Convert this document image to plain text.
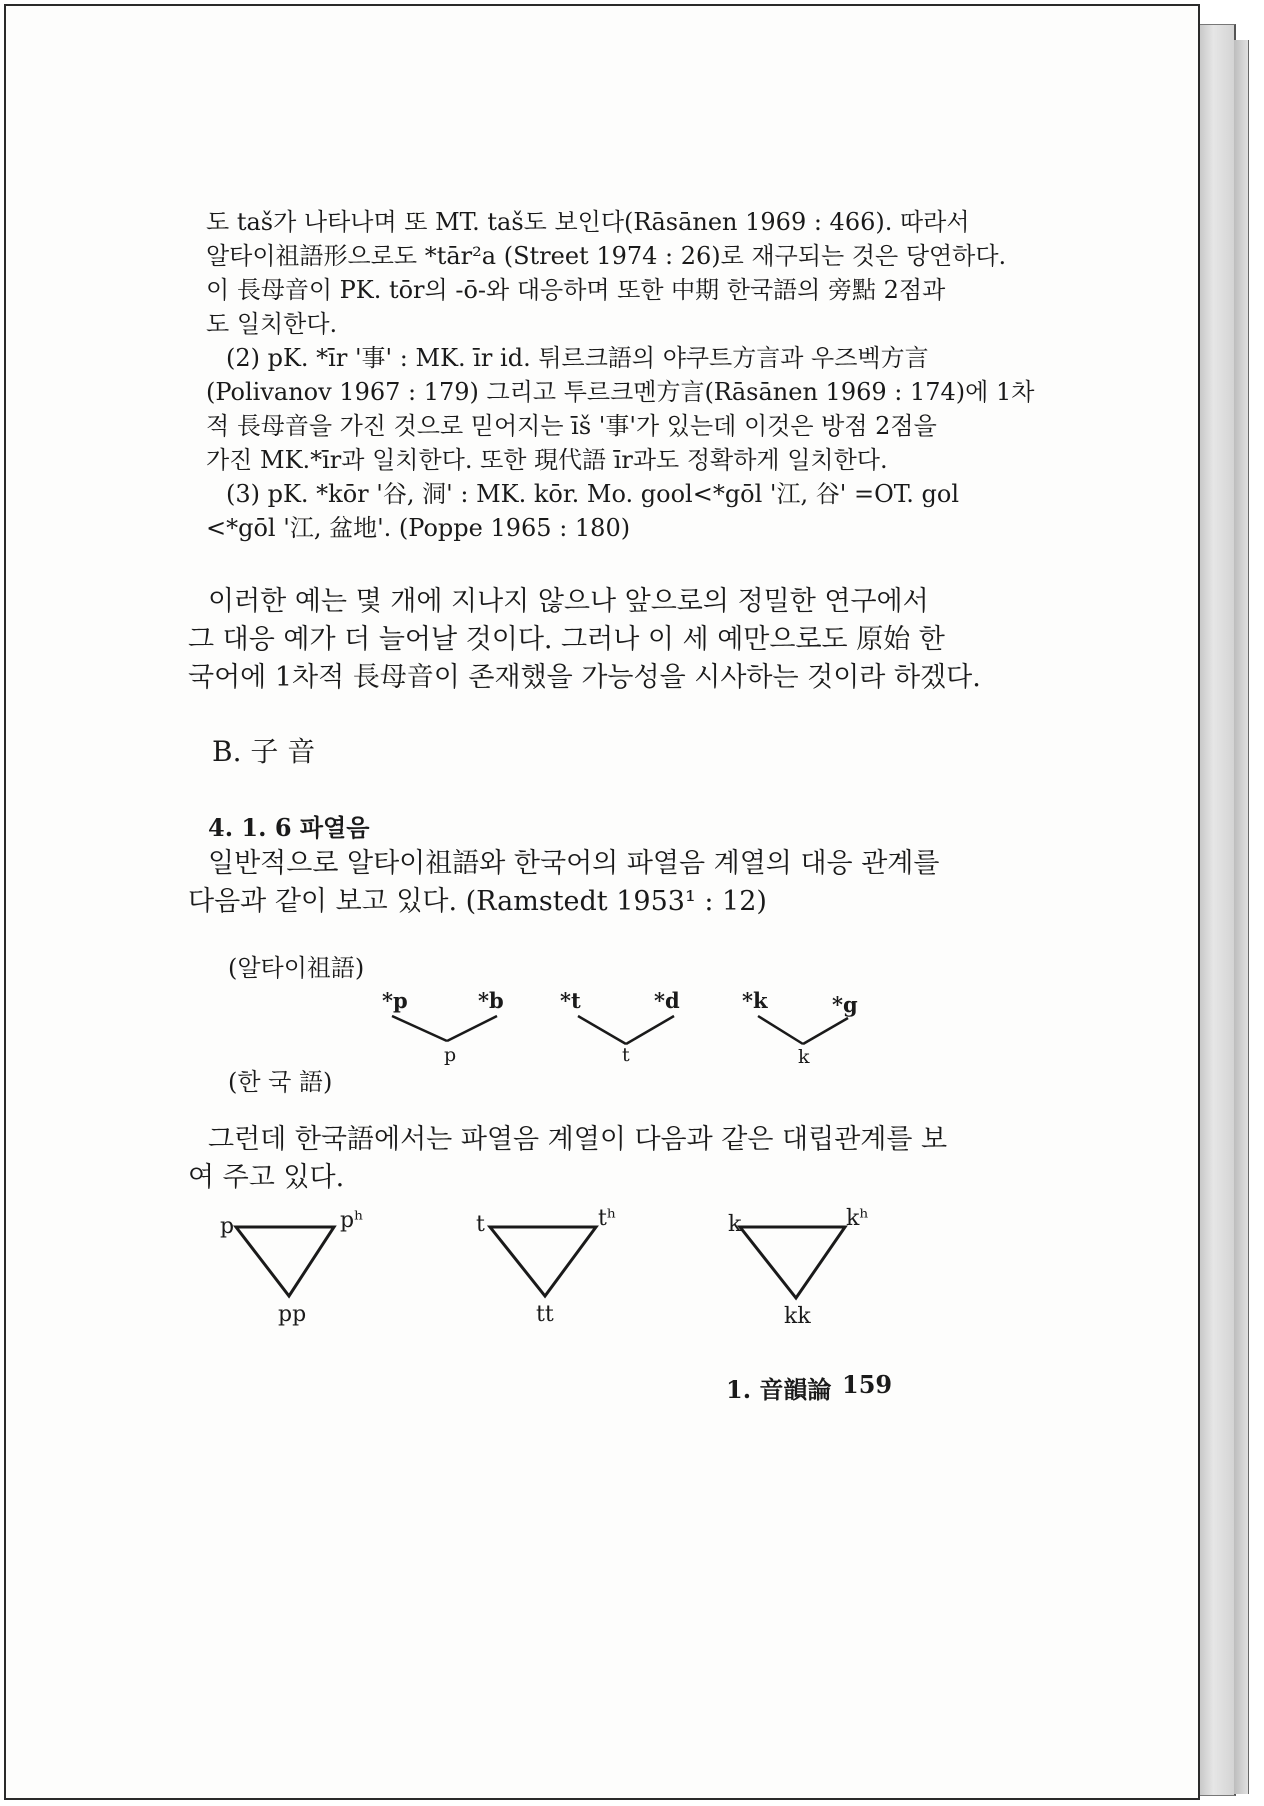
도 taš가 나타나며 또 MT. taš도 보인다(Rāsānen 1969 : 466). 따라서
알타이祖語形으로도 *tār²a (Street 1974 : 26)로 재구되는 것은 당연하다.
이 長母音이 PK. tōr의 -ō-와 대응하며 또한 中期 한국語의 旁點 2점과
도 일치한다.
(2) pK. *īr '事' : MK. īr id. 튀르크語의 야쿠트方言과 우즈벡方言
(Polivanov 1967 : 179) 그리고 투르크멘方言(Rāsānen 1969 : 174)에 1차
적 長母音을 가진 것으로 믿어지는 īš '事'가 있는데 이것은 방점 2점을
가진 MK.*īr과 일치한다. 또한 現代語 īr과도 정확하게 일치한다.
(3) pK. *kōr '谷, 洞' : MK. kōr. Mo. gool<*gōl '江, 谷' =OT. gol
<*gōl '江, 盆地'. (Poppe 1965 : 180)
이러한 예는 몇 개에 지나지 않으나 앞으로의 정밀한 연구에서
그 대응 예가 더 늘어날 것이다. 그러나 이 세 예만으로도 原始 한
국어에 1차적 長母音이 존재했을 가능성을 시사하는 것이라 하겠다.
B. 子 音
4. 1. 6 파열음
일반적으로 알타이祖語와 한국어의 파열음 계열의 대응 관계를
다음과 같이 보고 있다. (Ramstedt 1953¹ : 12)
(알타이祖語)
(한 국 語)
*p	*b
p
*t	*d
t
*k	*g
k
그런데 한국語에서는 파열음 계열이 다음과 같은 대립관계를 보
여 주고 있다.
p	pʰ
pp
t	tʰ
tt
k	kʰ
kk
1. 音韻論 159
